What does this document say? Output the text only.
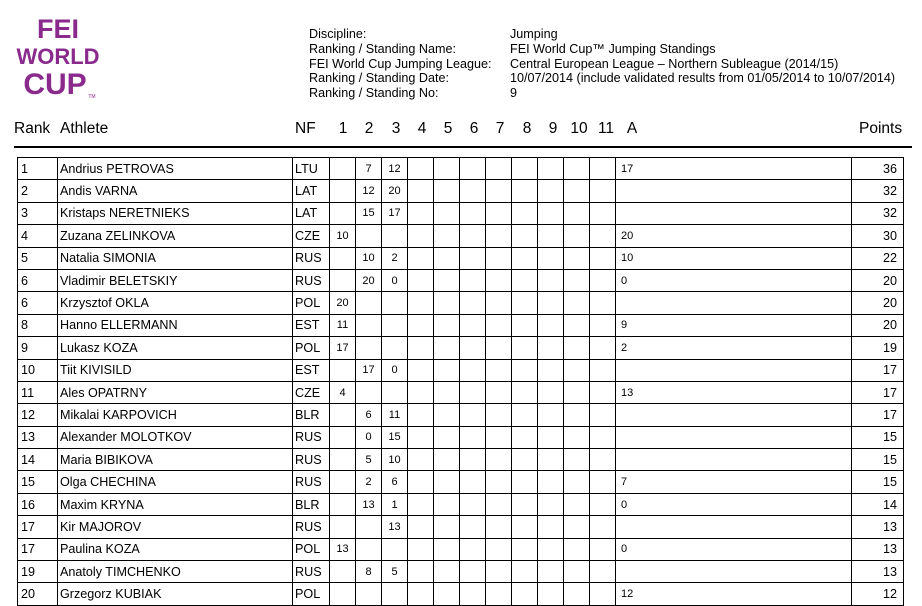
FEI
WORLD
CUP TM
Discipline:	Jumping
Ranking / Standing Name:	FEI World Cup™ Jumping Standings
FEI World Cup Jumping League:	Central European League – Northern Subleague (2014/15)
Ranking / Standing Date:	10/07/2014 (include validated results from 01/05/2014 to 10/07/2014)
Ranking / Standing No:	9
Rank Athlete	NF 1 2 3 4 5 6 7 8 9 10 11 A	Points
1	Andrius PETROVAS	LTU		7	12									17	36
2	Andis VARNA	LAT		12	20										32
3	Kristaps NERETNIEKS	LAT		15	17										32
4	Zuzana ZELINKOVA	CZE	10											20	30
5	Natalia SIMONIA	RUS		10	2									10	22
6	Vladimir BELETSKIY	RUS		20	0									0	20
6	Krzysztof OKLA	POL	20												20
8	Hanno ELLERMANN	EST	11											9	20
9	Lukasz KOZA	POL	17											2	19
10	Tiit KIVISILD	EST		17	0										17
11	Ales OPATRNY	CZE	4											13	17
12	Mikalai KARPOVICH	BLR		6	11										17
13	Alexander MOLOTKOV	RUS		0	15										15
14	Maria BIBIKOVA	RUS		5	10										15
15	Olga CHECHINA	RUS		2	6									7	15
16	Maxim KRYNA	BLR		13	1									0	14
17	Kir MAJOROV	RUS			13										13
17	Paulina KOZA	POL	13											0	13
19	Anatoly TIMCHENKO	RUS		8	5										13
20	Grzegorz KUBIAK	POL												12	12
